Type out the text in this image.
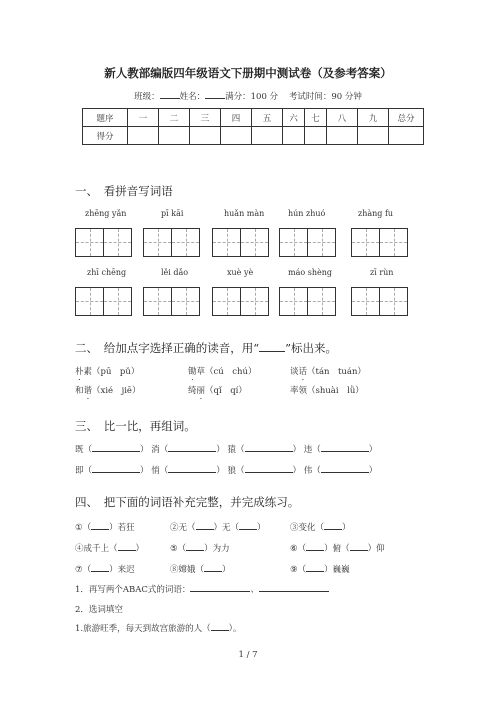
新人教部编版四年级语文下册期中测试卷（及参考答案）
班级： 姓名： 满分：100 分 考试时间：90 分钟
题序	一	二	三	四	五	六	七	八	九	总分
得分										
一、　看拼音写词语
zhēng yǎn	pī kāi	huǎn màn	hún zhuó	zhàng fu
zhī chēng	lěi dǎo	xuè yè	máo shèng	zī rùn
二、　给加点字选择正确的读音，用“ ”标出来。
朴素（pū　pǔ）	锄草（cú　chú）	谈话（tán　tuán）
和谐（xié　jiē）	绮丽（qǐ　qí）	率领（shuài　lǜ）
三、　比一比，再组词。
既（	） 消（	） 猿（	） 违（	）
即（	） 悄（	） 狼（	） 伟（	）
四、　把下面的词语补充完整，并完成练习。
①（ ）若狂	②无（ ）无（ ）	③变化（ ）
④成千上（ ）	⑤（ ）为力	⑥（ ）俯（ ）仰
⑦（ ）来迟	⑧嫦娥（ ）	⑨（ ）巍巍
1．再写两个ABAC式的词语：	、
2．选词填空
1.旅游旺季，每天到故宫旅游的人（ ）。
1 / 7
